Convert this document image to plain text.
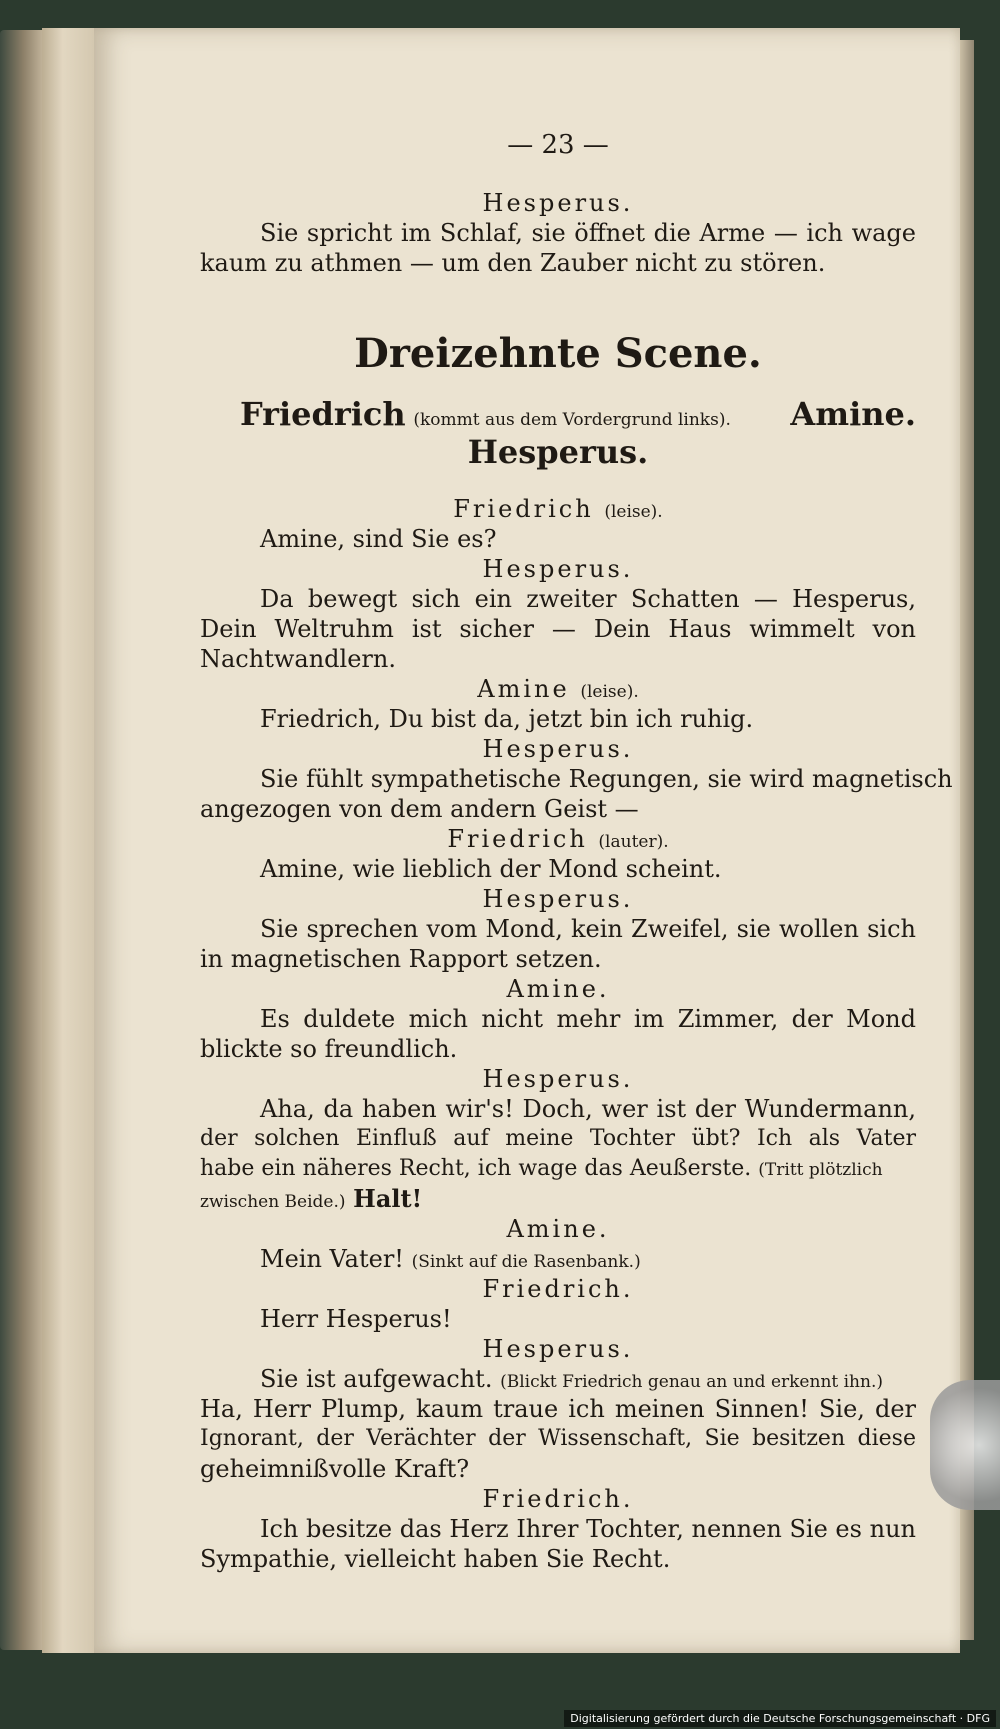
— 23 —
Hesperus.
Sie spricht im Schlaf, sie öffnet die Arme — ich wage
kaum zu athmen — um den Zauber nicht zu stören.
Dreizehnte Scene.
Friedrich (kommt aus dem Vordergrund links). Amine.
Hesperus.
Friedrich (leise).
Amine, sind Sie es?
Hesperus.
Da bewegt sich ein zweiter Schatten — Hesperus,
Dein Weltruhm ist sicher — Dein Haus wimmelt von
Nachtwandlern.
Amine (leise).
Friedrich, Du bist da, jetzt bin ich ruhig.
Hesperus.
Sie fühlt sympathetische Regungen, sie wird magnetisch
angezogen von dem andern Geist —
Friedrich (lauter).
Amine, wie lieblich der Mond scheint.
Hesperus.
Sie sprechen vom Mond, kein Zweifel, sie wollen sich
in magnetischen Rapport setzen.
Amine.
Es duldete mich nicht mehr im Zimmer, der Mond
blickte so freundlich.
Hesperus.
Aha, da haben wir's! Doch, wer ist der Wundermann,
der solchen Einfluß auf meine Tochter übt? Ich als Vater
habe ein näheres Recht, ich wage das Aeußerste. (Tritt plötzlich
zwischen Beide.) Halt!
Amine.
Mein Vater! (Sinkt auf die Rasenbank.)
Friedrich.
Herr Hesperus!
Hesperus.
Sie ist aufgewacht. (Blickt Friedrich genau an und erkennt ihn.)
Ha, Herr Plump, kaum traue ich meinen Sinnen! Sie, der
Ignorant, der Verächter der Wissenschaft, Sie besitzen diese
geheimnißvolle Kraft?
Friedrich.
Ich besitze das Herz Ihrer Tochter, nennen Sie es nun
Sympathie, vielleicht haben Sie Recht.
Digitalisierung gefördert durch die Deutsche Forschungsgemeinschaft · DFG
